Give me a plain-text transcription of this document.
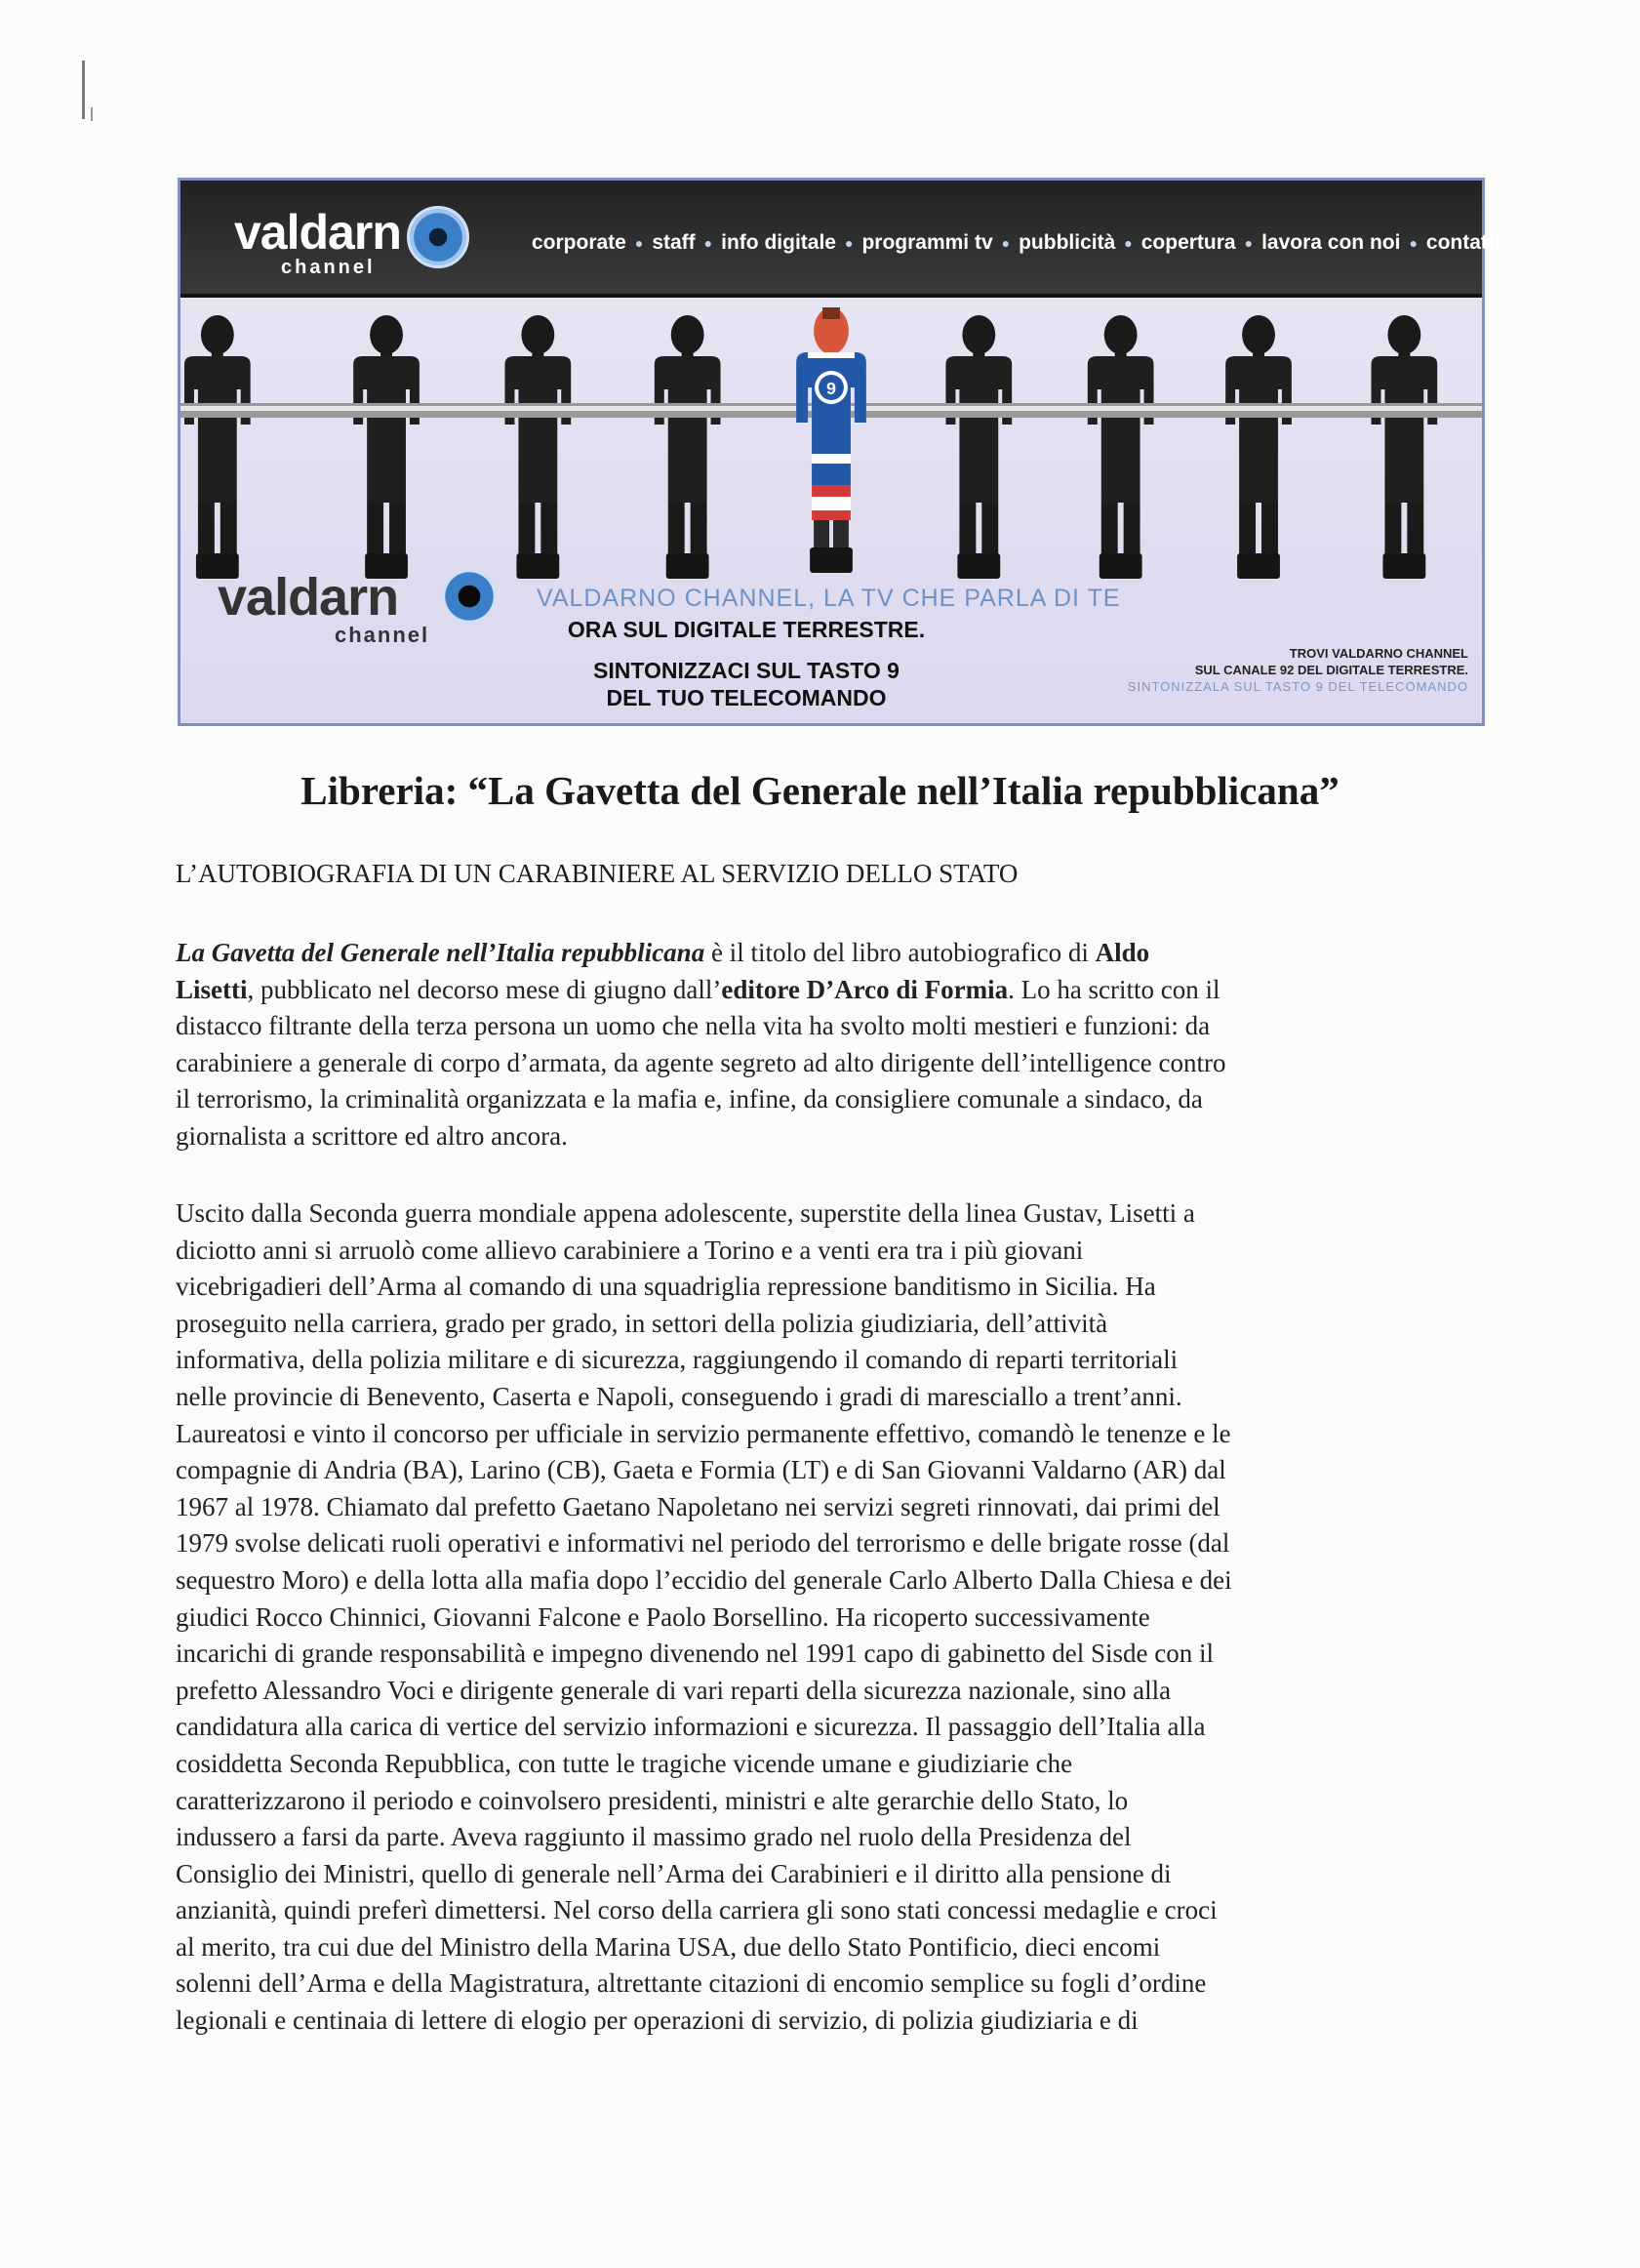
valdarn
channel
corporate ● staff ● info digitale ● programmi tv ● pubblicità ● copertura ● lavora con noi ● contatti
9
valdarn
channel
VALDARNO CHANNEL, LA TV CHE PARLA DI TE
ORA SUL DIGITALE TERRESTRE.
SINTONIZZACI SUL TASTO 9
DEL TUO TELECOMANDO
TROVI VALDARNO CHANNEL
SUL CANALE 92 DEL DIGITALE TERRESTRE.
SINTONIZZALA SUL TASTO 9 DEL TELECOMANDO
Libreria: “La Gavetta del Generale nell’Italia repubblicana”
L’AUTOBIOGRAFIA DI UN CARABINIERE AL SERVIZIO DELLO STATO
La Gavetta del Generale nell’Italia repubblicana è il titolo del libro autobiografico di Aldo
Lisetti, pubblicato nel decorso mese di giugno dall’editore D’Arco di Formia. Lo ha scritto con il
distacco filtrante della terza persona un uomo che nella vita ha svolto molti mestieri e funzioni: da
carabiniere a generale di corpo d’armata, da agente segreto ad alto dirigente dell’intelligence contro
il terrorismo, la criminalità organizzata e la mafia e, infine, da consigliere comunale a sindaco, da
giornalista a scrittore ed altro ancora.
Uscito dalla Seconda guerra mondiale appena adolescente, superstite della linea Gustav, Lisetti a
diciotto anni si arruolò come allievo carabiniere a Torino e a venti era tra i più giovani
vicebrigadieri dell’Arma al comando di una squadriglia repressione banditismo in Sicilia. Ha
proseguito nella carriera, grado per grado, in settori della polizia giudiziaria, dell’attività
informativa, della polizia militare e di sicurezza, raggiungendo il comando di reparti territoriali
nelle provincie di Benevento, Caserta e Napoli, conseguendo i gradi di maresciallo a trent’anni.
Laureatosi e vinto il concorso per ufficiale in servizio permanente effettivo, comandò le tenenze e le
compagnie di Andria (BA), Larino (CB), Gaeta e Formia (LT) e di San Giovanni Valdarno (AR) dal
1967 al 1978. Chiamato dal prefetto Gaetano Napoletano nei servizi segreti rinnovati, dai primi del
1979 svolse delicati ruoli operativi e informativi nel periodo del terrorismo e delle brigate rosse (dal
sequestro Moro) e della lotta alla mafia dopo l’eccidio del generale Carlo Alberto Dalla Chiesa e dei
giudici Rocco Chinnici, Giovanni Falcone e Paolo Borsellino. Ha ricoperto successivamente
incarichi di grande responsabilità e impegno divenendo nel 1991 capo di gabinetto del Sisde con il
prefetto Alessandro Voci e dirigente generale di vari reparti della sicurezza nazionale, sino alla
candidatura alla carica di vertice del servizio informazioni e sicurezza. Il passaggio dell’Italia alla
cosiddetta Seconda Repubblica, con tutte le tragiche vicende umane e giudiziarie che
caratterizzarono il periodo e coinvolsero presidenti, ministri e alte gerarchie dello Stato, lo
indussero a farsi da parte. Aveva raggiunto il massimo grado nel ruolo della Presidenza del
Consiglio dei Ministri, quello di generale nell’Arma dei Carabinieri e il diritto alla pensione di
anzianità, quindi preferì dimettersi. Nel corso della carriera gli sono stati concessi medaglie e croci
al merito, tra cui due del Ministro della Marina USA, due dello Stato Pontificio, dieci encomi
solenni dell’Arma e della Magistratura, altrettante citazioni di encomio semplice su fogli d’ordine
legionali e centinaia di lettere di elogio per operazioni di servizio, di polizia giudiziaria e di
